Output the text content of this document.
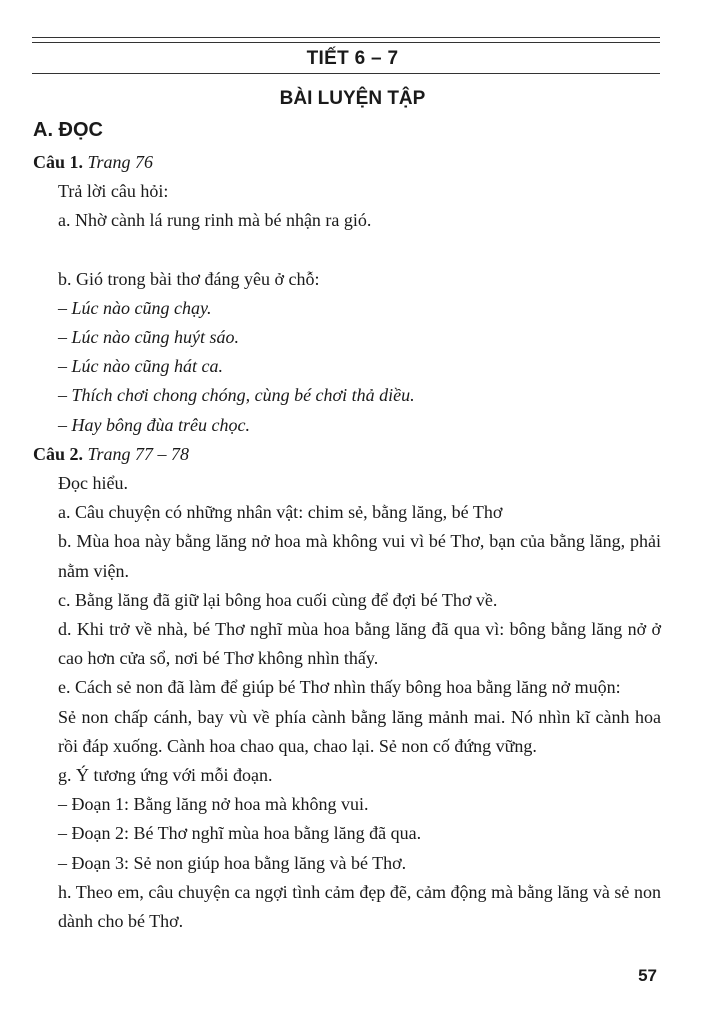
TIẾT 6 – 7
BÀI LUYỆN TẬP
A. ĐỌC

Câu 1. Trang 76

Trả lời câu hỏi:

a. Nhờ cành lá rung rinh mà bé nhận ra gió.

b. Gió trong bài thơ đáng yêu ở chỗ:

– Lúc nào cũng chạy.

– Lúc nào cũng huýt sáo.

– Lúc nào cũng hát ca.

– Thích chơi chong chóng, cùng bé chơi thả diều.

– Hay bông đùa trêu chọc.

Câu 2. Trang 77 – 78

Đọc hiểu.

a. Câu chuyện có những nhân vật: chim sẻ, bằng lăng, bé Thơ

b. Mùa hoa này bằng lăng nở hoa mà không vui vì bé Thơ, bạn của bằng lăng, phải nằm viện.

c. Bằng lăng đã giữ lại bông hoa cuối cùng để đợi bé Thơ về.

d. Khi trở về nhà, bé Thơ nghĩ mùa hoa bằng lăng đã qua vì: bông bằng lăng nở ở cao hơn cửa sổ, nơi bé Thơ không nhìn thấy.

e. Cách sẻ non đã làm để giúp bé Thơ nhìn thấy bông hoa bằng lăng nở muộn:

Sẻ non chấp cánh, bay vù về phía cành bằng lăng mảnh mai. Nó nhìn kĩ cành hoa rồi đáp xuống. Cành hoa chao qua, chao lại. Sẻ non cố đứng vững.

g. Ý tương ứng với mỗi đoạn.

– Đoạn 1: Bằng lăng nở hoa mà không vui.

– Đoạn 2: Bé Thơ nghĩ mùa hoa bằng lăng đã qua.

– Đoạn 3: Sẻ non giúp hoa bằng lăng và bé Thơ.

h. Theo em, câu chuyện ca ngợi tình cảm đẹp đẽ, cảm động mà bằng lăng và sẻ non dành cho bé Thơ.

57
